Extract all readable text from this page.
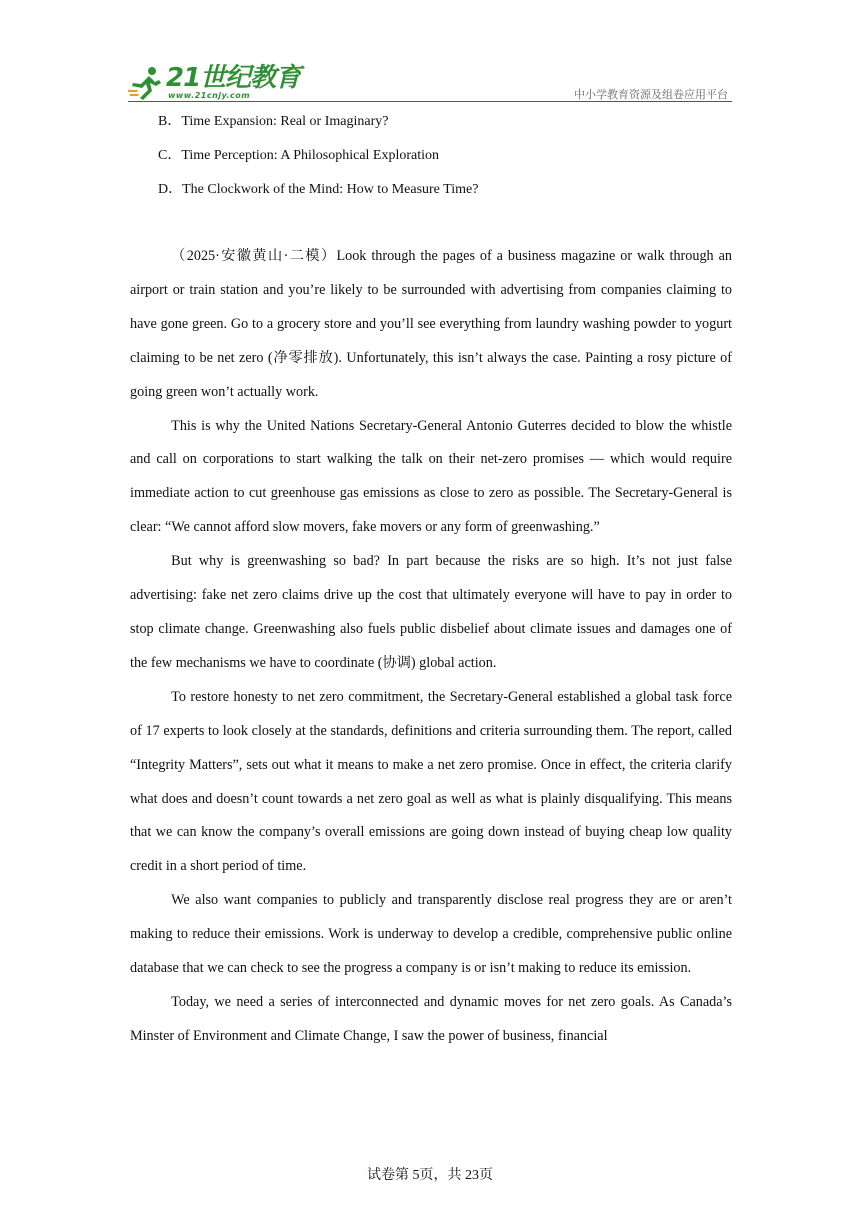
21世纪教育
www.21cnjy.com	中小学教育资源及组卷应用平台
B．Time Expansion: Real or Imaginary?
C．Time Perception: A Philosophical Exploration
D．The Clockwork of the Mind: How to Measure Time?

（2025·安徽黄山·二模）Look through the pages of a business magazine or walk through an airport or train station and you’re likely to be surrounded with advertising from companies claiming to have gone green. Go to a grocery store and you’ll see everything from laundry washing powder to yogurt claiming to be net zero (净零排放). Unfortunately, this isn’t always the case. Painting a rosy picture of going green won’t actually work.

This is why the United Nations Secretary-General Antonio Guterres decided to blow the whistle and call on corporations to start walking the talk on their net-zero promises — which would require immediate action to cut greenhouse gas emissions as close to zero as possible. The Secretary-General is clear: “We cannot afford slow movers, fake movers or any form of greenwashing.”

But why is greenwashing so bad? In part because the risks are so high. It’s not just false advertising: fake net zero claims drive up the cost that ultimately everyone will have to pay in order to stop climate change. Greenwashing also fuels public disbelief about climate issues and damages one of the few mechanisms we have to coordinate (协调) global action.

To restore honesty to net zero commitment, the Secretary-General established a global task force of 17 experts to look closely at the standards, definitions and criteria surrounding them. The report, called “Integrity Matters”, sets out what it means to make a net zero promise. Once in effect, the criteria clarify what does and doesn’t count towards a net zero goal as well as what is plainly disqualifying. This means that we can know the company’s overall emissions are going down instead of buying cheap low quality credit in a short period of time.

We also want companies to publicly and transparently disclose real progress they are or aren’t making to reduce their emissions. Work is underway to develop a credible, comprehensive public online database that we can check to see the progress a company is or isn’t making to reduce its emission.

Today, we need a series of interconnected and dynamic moves for net zero goals. As Canada’s Minster of Environment and Climate Change, I saw the power of business, financial

试卷第 5页，共 23页
